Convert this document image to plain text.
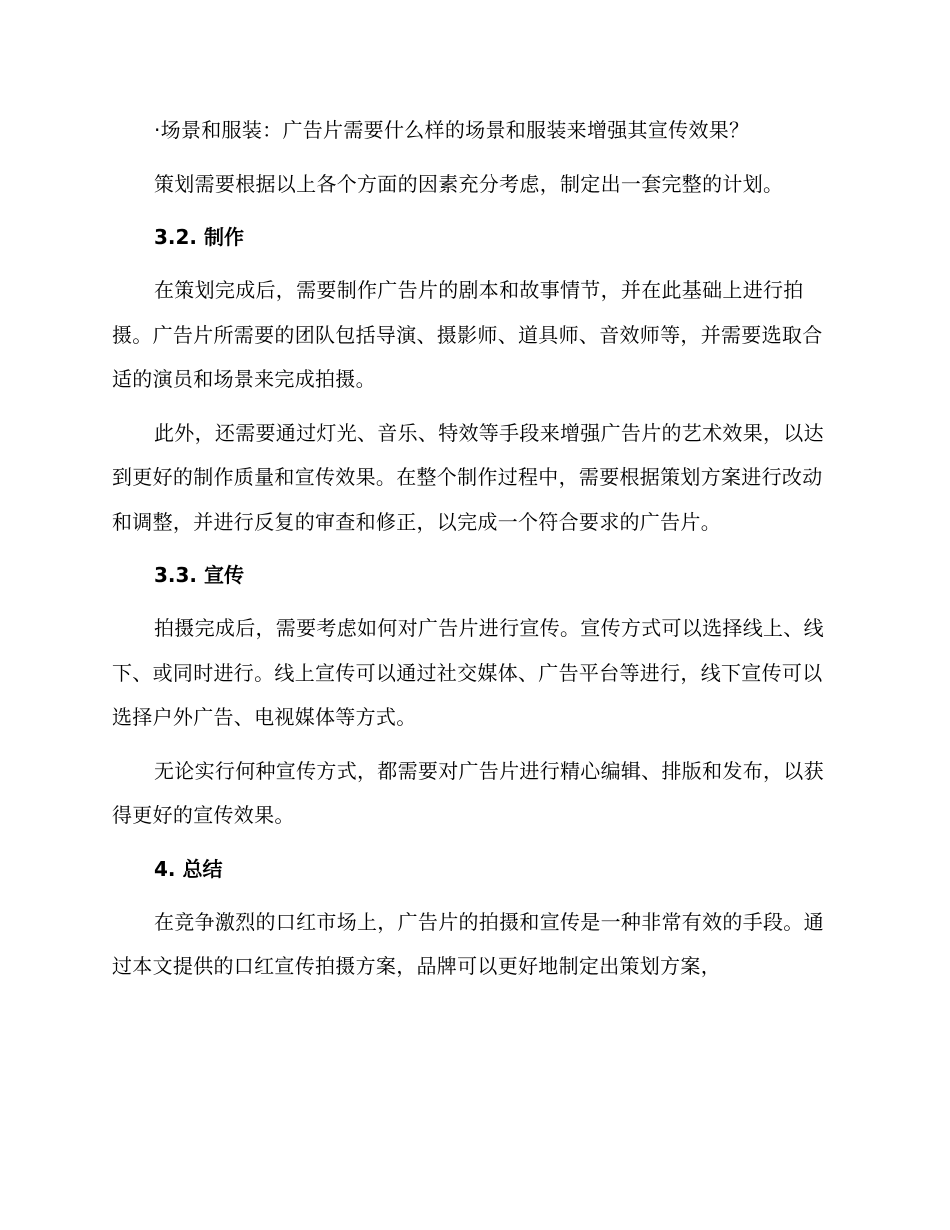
·场景和服装：广告片需要什么样的场景和服装来增强其宣传效果？

策划需要根据以上各个方面的因素充分考虑，制定出一套完整的计划。

3.2. 制作

在策划完成后，需要制作广告片的剧本和故事情节，并在此基础上进行拍摄。广告片所需要的团队包括导演、摄影师、道具师、音效师等，并需要选取合适的演员和场景来完成拍摄。

此外，还需要通过灯光、音乐、特效等手段来增强广告片的艺术效果，以达到更好的制作质量和宣传效果。在整个制作过程中，需要根据策划方案进行改动和调整，并进行反复的审查和修正，以完成一个符合要求的广告片。

3.3. 宣传

拍摄完成后，需要考虑如何对广告片进行宣传。宣传方式可以选择线上、线下、或同时进行。线上宣传可以通过社交媒体、广告平台等进行，线下宣传可以选择户外广告、电视媒体等方式。

无论实行何种宣传方式，都需要对广告片进行精心编辑、排版和发布，以获得更好的宣传效果。

4. 总结

在竞争激烈的口红市场上，广告片的拍摄和宣传是一种非常有效的手段。通过本文提供的口红宣传拍摄方案，品牌可以更好地制定出策划方案，
